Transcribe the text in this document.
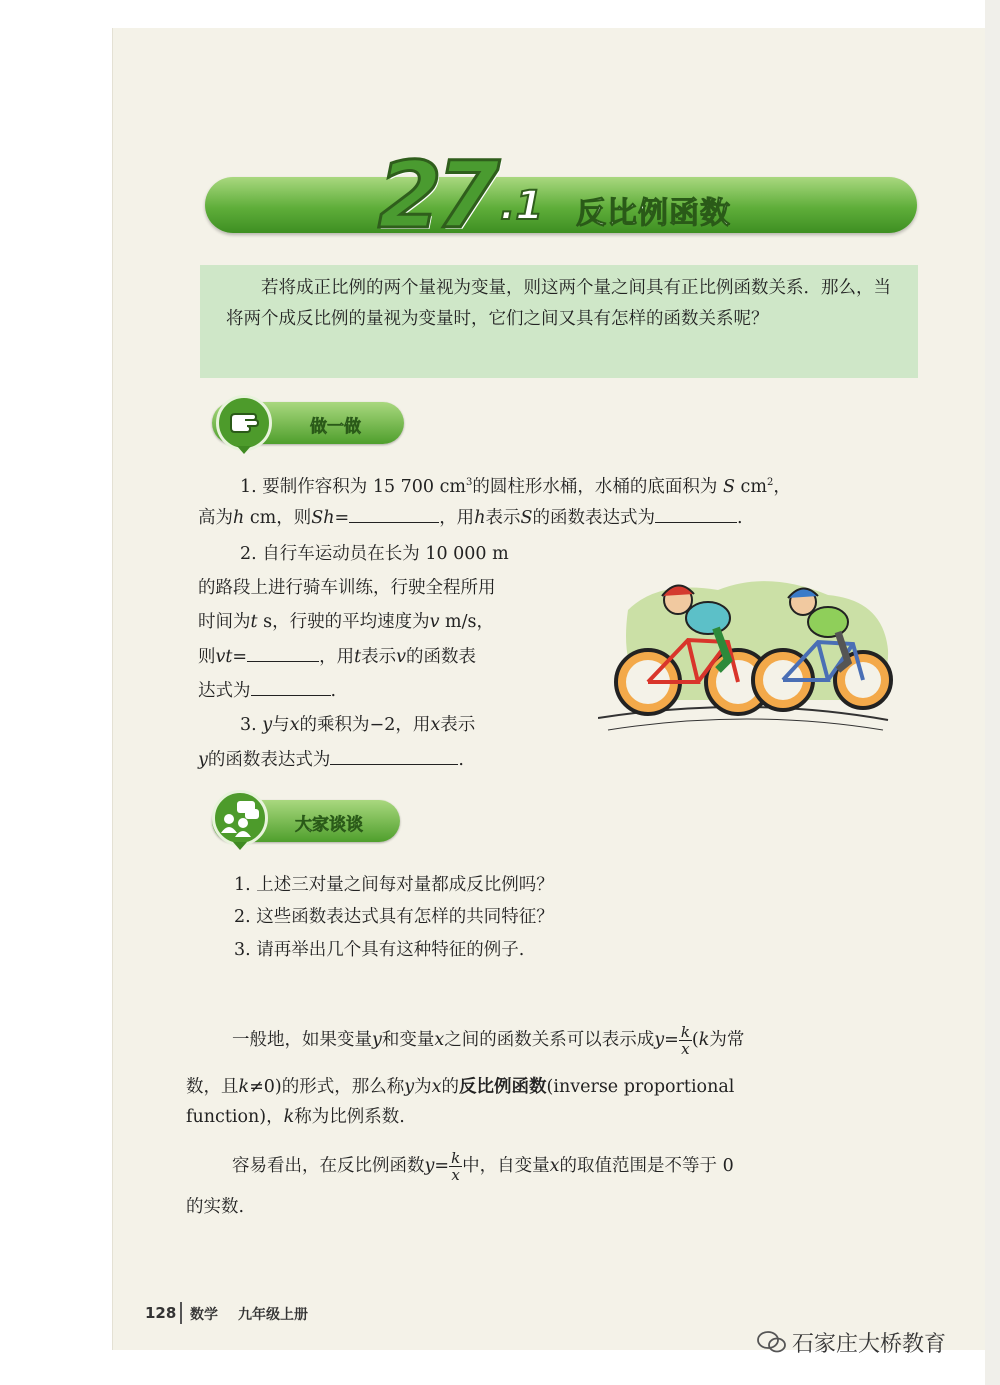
27 .1 反比例函数
若将成正比例的两个量视为变量，则这两个量之间具有正比例函数关系．那么，当将两个成反比例的量视为变量时，它们之间又具有怎样的函数关系呢？
做一做
1. 要制作容积为 15 700 $cm^3$的圆柱形水桶，水桶的底面积为 S $cm^2$，
高为h cm，则Sh=	，用h表示S的函数表达式为	.
2. 自行车运动员在长为 10 000 m
的路段上进行骑车训练，行驶全程所用
时间为t s，行驶的平均速度为v m/s，
则vt=	，用t表示v的函数表
达式为	.
3. y与x的乘积为−2，用x表示
y的函数表达式为	.
大家谈谈
1. 上述三对量之间每对量都成反比例吗？
2. 这些函数表达式具有怎样的共同特征？
3. 请再举出几个具有这种特征的例子.
一般地，如果变量y和变量x之间的函数关系可以表示成$y= \frac{k}{x} (k$为常
数，且k≠0)的形式，那么称y为x的反比例函数(inverse proportional
function)，k称为比例系数.
容易看出，在反比例函数$y= \frac{k}{x}$ 中，自变量x的取值范围是不等于 0
的实数.
128 数学 九年级上册
石家庄大桥教育
